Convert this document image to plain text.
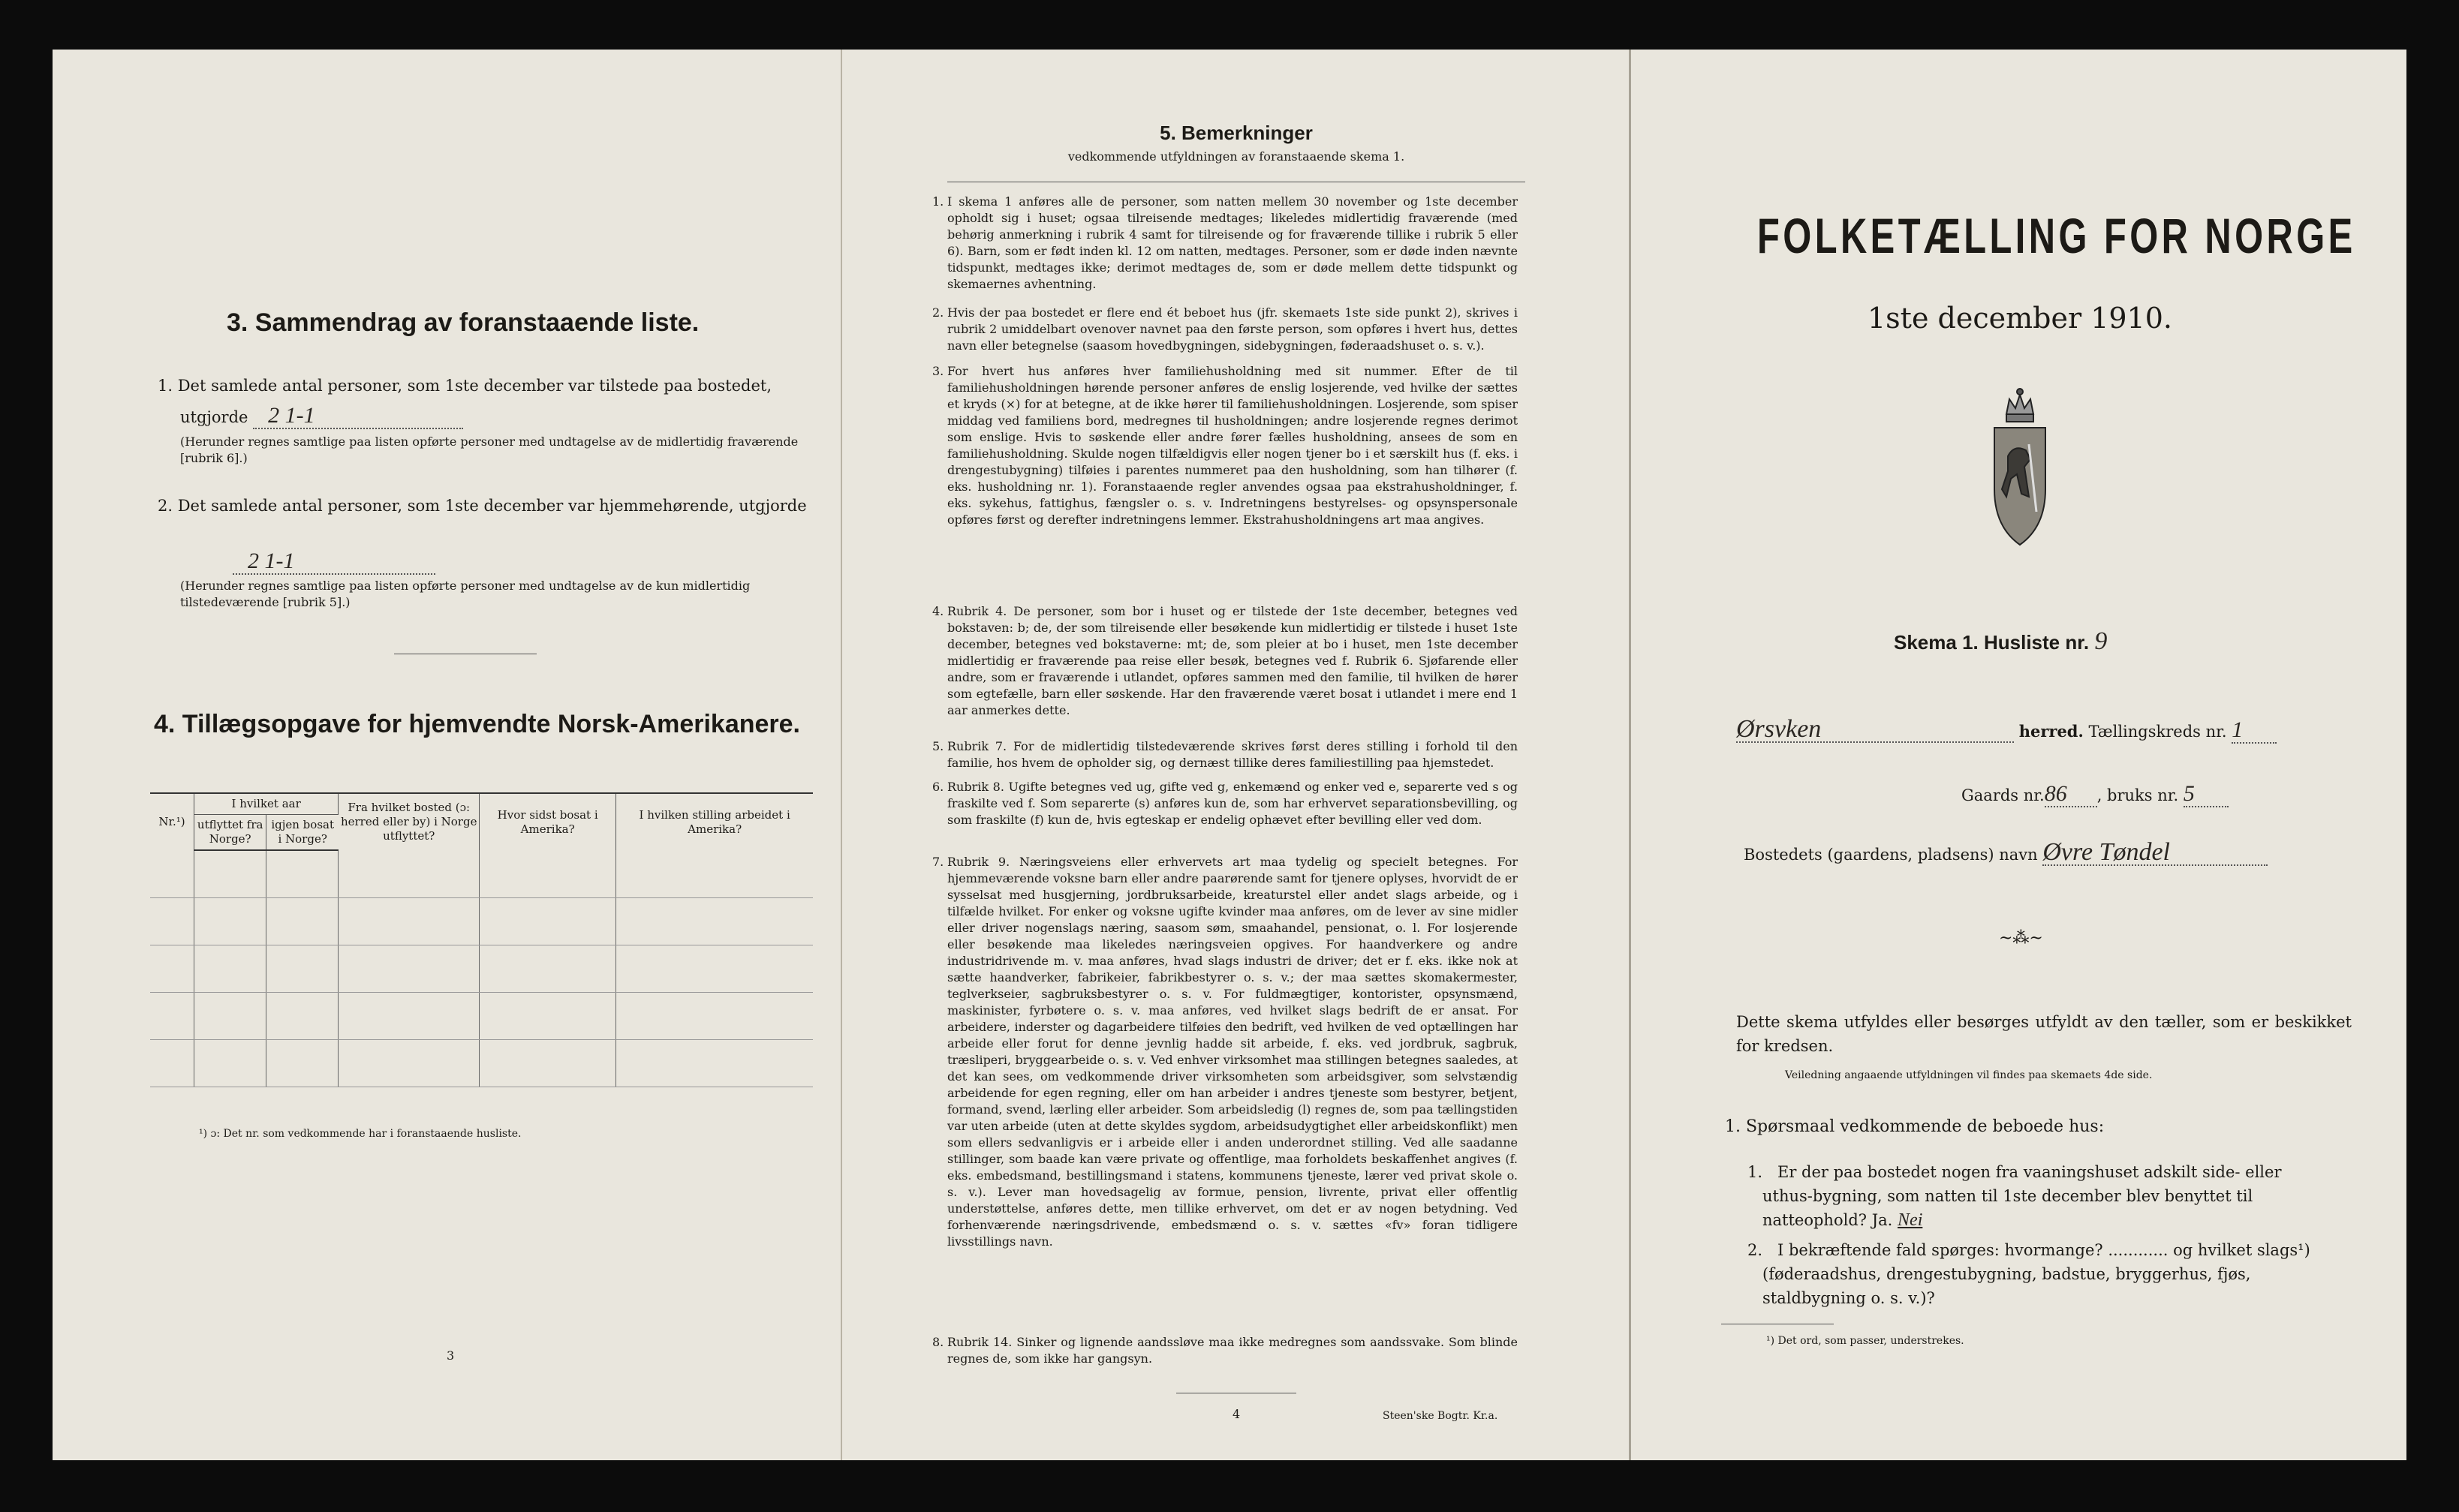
3. Sammendrag av foranstaaende liste.
1. Det samlede antal personer, som 1ste december var tilstede paa bostedet,
utgjorde 2 1-1
(Herunder regnes samtlige paa listen opførte personer med undtagelse av de midlertidig fraværende [rubrik 6].)
2. Det samlede antal personer, som 1ste december var hjemmehørende, utgjorde
2 1-1
(Herunder regnes samtlige paa listen opførte personer med undtagelse av de kun midlertidig tilstedeværende [rubrik 5].)
4. Tillægsopgave for hjemvendte Norsk-Amerikanere.
Nr.¹)	I hvilket aar		Fra hvilket bosted (ɔ: herred eller by) i Norge utflyttet?	Hvor sidst bosat i Amerika?	I hvilken stilling arbeidet i Amerika?
	utflyttet fra Norge?	igjen bosat i Norge?			

¹) ɔ: Det nr. som vedkommende har i foranstaaende husliste.
3
5. Bemerkninger
vedkommende utfyldningen av foranstaaende skema 1.
1. I skema 1 anføres alle de personer, som natten mellem 30 november og 1ste december opholdt sig i huset; ogsaa tilreisende medtages; likeledes midlertidig fraværende (med behørig anmerkning i rubrik 4 samt for tilreisende og for fraværende tillike i rubrik 5 eller 6). Barn, som er født inden kl. 12 om natten, medtages. Personer, som er døde inden nævnte tidspunkt, medtages ikke; derimot medtages de, som er døde mellem dette tidspunkt og skemaernes avhentning.
2. Hvis der paa bostedet er flere end ét beboet hus (jfr. skemaets 1ste side punkt 2), skrives i rubrik 2 umiddelbart ovenover navnet paa den første person, som opføres i hvert hus, dettes navn eller betegnelse (saasom hovedbygningen, sidebygningen, føderaadshuset o. s. v.).
3. For hvert hus anføres hver familiehusholdning med sit nummer. Efter de til familiehusholdningen hørende personer anføres de enslig losjerende, ved hvilke der sættes et kryds (×) for at betegne, at de ikke hører til familiehusholdningen. Losjerende, som spiser middag ved familiens bord, medregnes til husholdningen; andre losjerende regnes derimot som enslige. Hvis to søskende eller andre fører fælles husholdning, ansees de som en familiehusholdning. Skulde nogen tilfældigvis eller nogen tjener bo i et særskilt hus (f. eks. i drengestubygning) tilføies i parentes nummeret paa den husholdning, som han tilhører (f. eks. husholdning nr. 1). Foranstaaende regler anvendes ogsaa paa ekstrahusholdninger, f. eks. sykehus, fattighus, fængsler o. s. v. Indretningens bestyrelses- og opsynspersonale opføres først og derefter indretningens lemmer. Ekstrahusholdningens art maa angives.
4. Rubrik 4. De personer, som bor i huset og er tilstede der 1ste december, betegnes ved bokstaven: b; de, der som tilreisende eller besøkende kun midlertidig er tilstede i huset 1ste december, betegnes ved bokstaverne: mt; de, som pleier at bo i huset, men 1ste december midlertidig er fraværende paa reise eller besøk, betegnes ved f. Rubrik 6. Sjøfarende eller andre, som er fraværende i utlandet, opføres sammen med den familie, til hvilken de hører som egtefælle, barn eller søskende. Har den fraværende været bosat i utlandet i mere end 1 aar anmerkes dette.
5. Rubrik 7. For de midlertidig tilstedeværende skrives først deres stilling i forhold til den familie, hos hvem de opholder sig, og dernæst tillike deres familiestilling paa hjemstedet.
6. Rubrik 8. Ugifte betegnes ved ug, gifte ved g, enkemænd og enker ved e, separerte ved s og fraskilte ved f. Som separerte (s) anføres kun de, som har erhvervet separationsbevilling, og som fraskilte (f) kun de, hvis egteskap er endelig ophævet efter bevilling eller ved dom.
7. Rubrik 9. Næringsveiens eller erhvervets art maa tydelig og specielt betegnes. For hjemmeværende voksne barn eller andre paarørende samt for tjenere oplyses, hvorvidt de er sysselsat med husgjerning, jordbruksarbeide, kreaturstel eller andet slags arbeide, og i tilfælde hvilket. For enker og voksne ugifte kvinder maa anføres, om de lever av sine midler eller driver nogenslags næring, saasom søm, smaahandel, pensionat, o. l. For losjerende eller besøkende maa likeledes næringsveien opgives. For haandverkere og andre industridrivende m. v. maa anføres, hvad slags industri de driver; det er f. eks. ikke nok at sætte haandverker, fabrikeier, fabrikbestyrer o. s. v.; der maa sættes skomakermester, teglverkseier, sagbruksbestyrer o. s. v. For fuldmægtiger, kontorister, opsynsmænd, maskinister, fyrbøtere o. s. v. maa anføres, ved hvilket slags bedrift de er ansat. For arbeidere, inderster og dagarbeidere tilføies den bedrift, ved hvilken de ved optællingen har arbeide eller forut for denne jevnlig hadde sit arbeide, f. eks. ved jordbruk, sagbruk, træsliperi, bryggearbeide o. s. v. Ved enhver virksomhet maa stillingen betegnes saaledes, at det kan sees, om vedkommende driver virksomheten som arbeidsgiver, som selvstændig arbeidende for egen regning, eller om han arbeider i andres tjeneste som bestyrer, betjent, formand, svend, lærling eller arbeider. Som arbeidsledig (l) regnes de, som paa tællingstiden var uten arbeide (uten at dette skyldes sygdom, arbeidsudygtighet eller arbeidskonflikt) men som ellers sedvanligvis er i arbeide eller i anden underordnet stilling. Ved alle saadanne stillinger, som baade kan være private og offentlige, maa forholdets beskaffenhet angives (f. eks. embedsmand, bestillingsmand i statens, kommunens tjeneste, lærer ved privat skole o. s. v.). Lever man hovedsagelig av formue, pension, livrente, privat eller offentlig understøttelse, anføres dette, men tillike erhvervet, om det er av nogen betydning. Ved forhenværende næringsdrivende, embedsmænd o. s. v. sættes «fv» foran tidligere livsstillings navn.
8. Rubrik 14. Sinker og lignende aandssløve maa ikke medregnes som aandssvake. Som blinde regnes de, som ikke har gangsyn.
4	Steen'ske Bogtr. Kr.a.
FOLKETÆLLING FOR NORGE
1ste december 1910.
Skema 1. Husliste nr. 9
Ørsvken	herred. Tællingskreds nr. 1
Gaards nr.86 , bruks nr. 5
Bostedets (gaardens, pladsens) navn Øvre Tøndel
~⁂~
Dette skema utfyldes eller besørges utfyldt av den tæller, som er beskikket for kredsen.
Veiledning angaaende utfyldningen vil findes paa skemaets 4de side.
1. Spørsmaal vedkommende de beboede hus:
1. Er der paa bostedet nogen fra vaaningshuset adskilt side- eller uthus-bygning, som natten til 1ste december blev benyttet til natteophold? Ja. Nei
2. I bekræftende fald spørges: hvormange? ............ og hvilket slags¹) (føderaadshus, drengestubygning, badstue, bryggerhus, fjøs, staldbygning o. s. v.)?
¹) Det ord, som passer, understrekes.
